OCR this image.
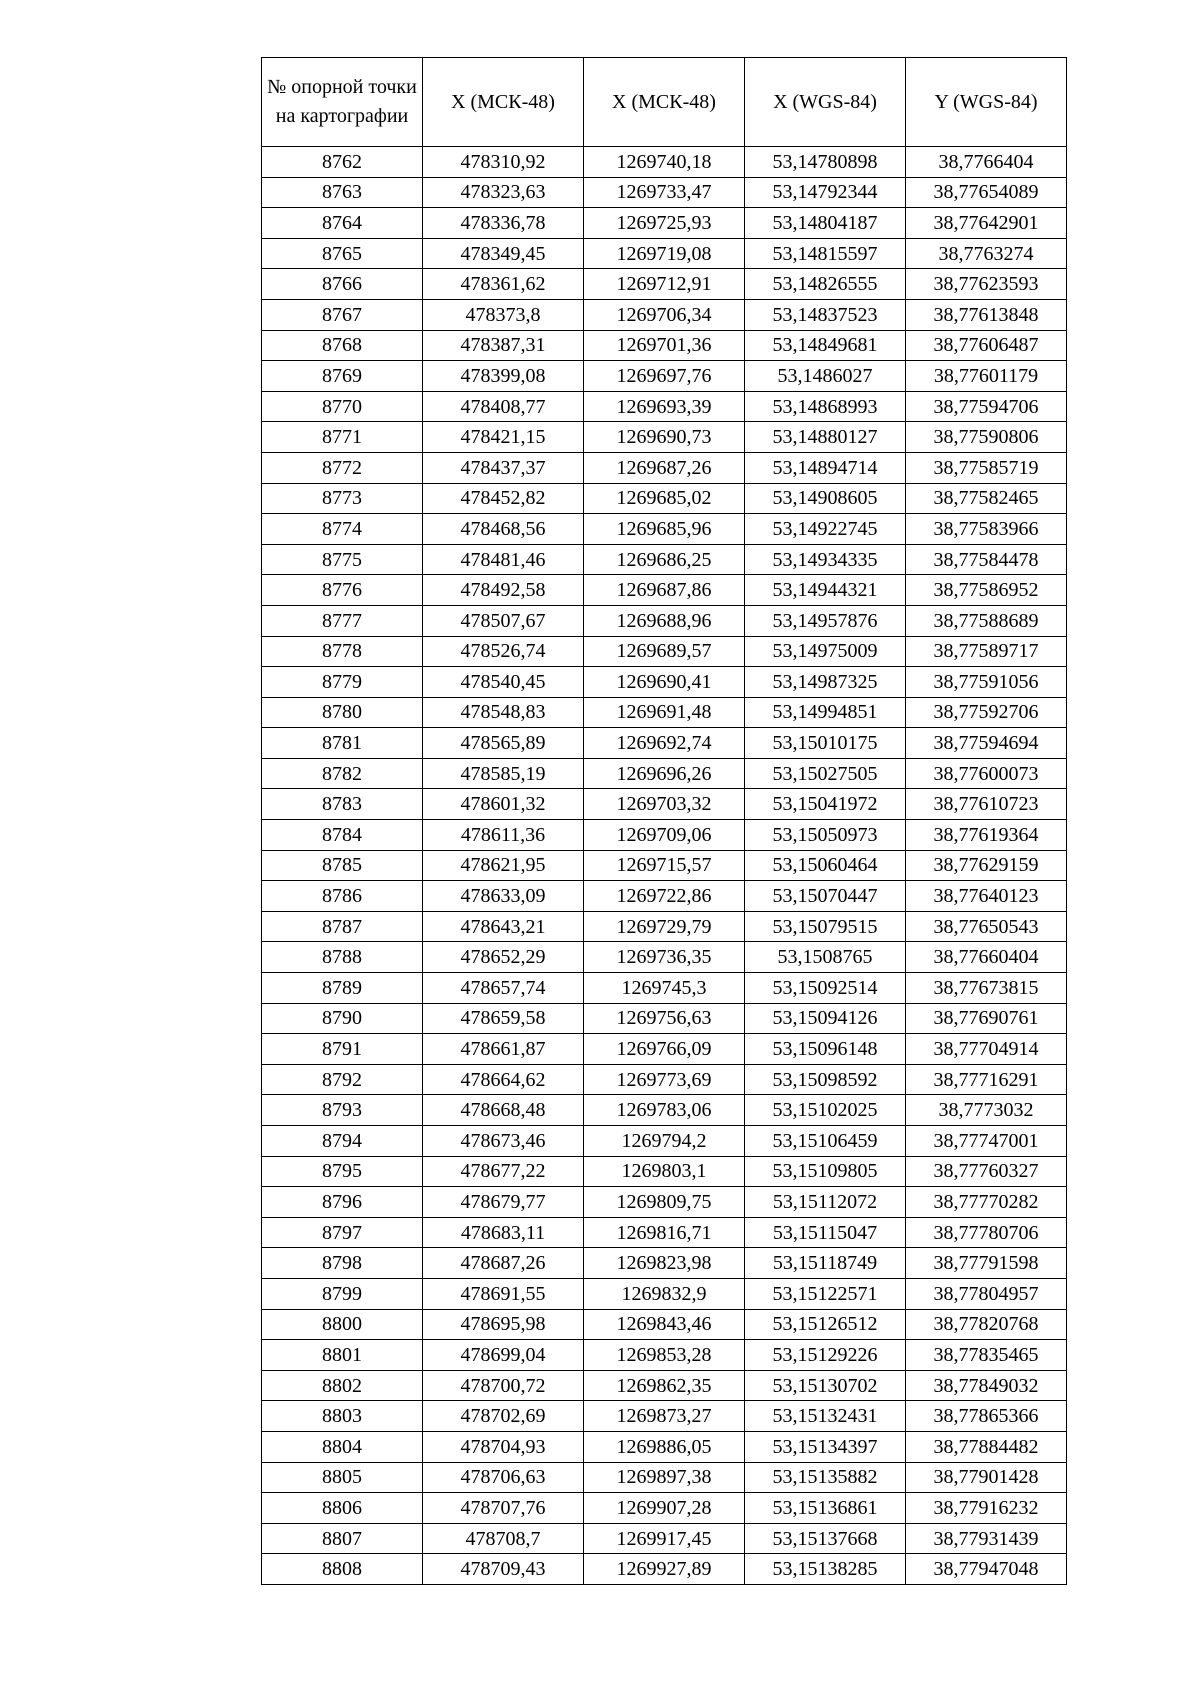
№ опорной точки на картографии	X (МСК-48)	X (МСК-48)	X (WGS-84)	Y (WGS-84)
8762	478310,92	1269740,18	53,14780898	38,7766404
8763	478323,63	1269733,47	53,14792344	38,77654089
8764	478336,78	1269725,93	53,14804187	38,77642901
8765	478349,45	1269719,08	53,14815597	38,7763274
8766	478361,62	1269712,91	53,14826555	38,77623593
8767	478373,8	1269706,34	53,14837523	38,77613848
8768	478387,31	1269701,36	53,14849681	38,77606487
8769	478399,08	1269697,76	53,1486027	38,77601179
8770	478408,77	1269693,39	53,14868993	38,77594706
8771	478421,15	1269690,73	53,14880127	38,77590806
8772	478437,37	1269687,26	53,14894714	38,77585719
8773	478452,82	1269685,02	53,14908605	38,77582465
8774	478468,56	1269685,96	53,14922745	38,77583966
8775	478481,46	1269686,25	53,14934335	38,77584478
8776	478492,58	1269687,86	53,14944321	38,77586952
8777	478507,67	1269688,96	53,14957876	38,77588689
8778	478526,74	1269689,57	53,14975009	38,77589717
8779	478540,45	1269690,41	53,14987325	38,77591056
8780	478548,83	1269691,48	53,14994851	38,77592706
8781	478565,89	1269692,74	53,15010175	38,77594694
8782	478585,19	1269696,26	53,15027505	38,77600073
8783	478601,32	1269703,32	53,15041972	38,77610723
8784	478611,36	1269709,06	53,15050973	38,77619364
8785	478621,95	1269715,57	53,15060464	38,77629159
8786	478633,09	1269722,86	53,15070447	38,77640123
8787	478643,21	1269729,79	53,15079515	38,77650543
8788	478652,29	1269736,35	53,1508765	38,77660404
8789	478657,74	1269745,3	53,15092514	38,77673815
8790	478659,58	1269756,63	53,15094126	38,77690761
8791	478661,87	1269766,09	53,15096148	38,77704914
8792	478664,62	1269773,69	53,15098592	38,77716291
8793	478668,48	1269783,06	53,15102025	38,7773032
8794	478673,46	1269794,2	53,15106459	38,77747001
8795	478677,22	1269803,1	53,15109805	38,77760327
8796	478679,77	1269809,75	53,15112072	38,77770282
8797	478683,11	1269816,71	53,15115047	38,77780706
8798	478687,26	1269823,98	53,15118749	38,77791598
8799	478691,55	1269832,9	53,15122571	38,77804957
8800	478695,98	1269843,46	53,15126512	38,77820768
8801	478699,04	1269853,28	53,15129226	38,77835465
8802	478700,72	1269862,35	53,15130702	38,77849032
8803	478702,69	1269873,27	53,15132431	38,77865366
8804	478704,93	1269886,05	53,15134397	38,77884482
8805	478706,63	1269897,38	53,15135882	38,77901428
8806	478707,76	1269907,28	53,15136861	38,77916232
8807	478708,7	1269917,45	53,15137668	38,77931439
8808	478709,43	1269927,89	53,15138285	38,77947048
